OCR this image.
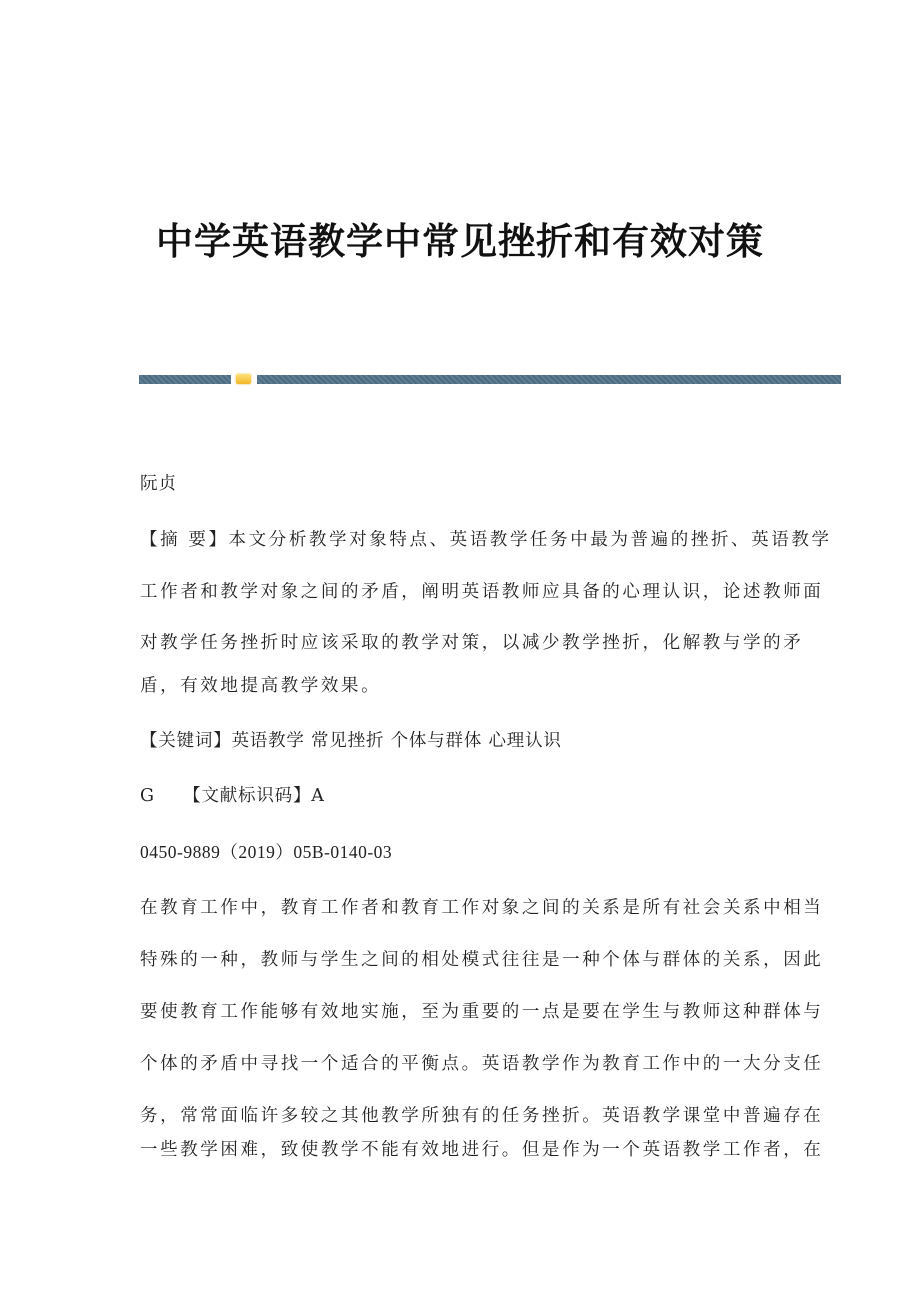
中学英语教学中常见挫折和有效对策
阮贞
【摘 要】本文分析教学对象特点、英语教学任务中最为普遍的挫折、英语教学
工作者和教学对象之间的矛盾，阐明英语教师应具备的心理认识，论述教师面
对教学任务挫折时应该采取的教学对策，以减少教学挫折，化解教与学的矛
盾，有效地提高教学效果。
【关键词】英语教学 常见挫折 个体与群体 心理认识
G 【文献标识码】A
0450-9889（2019）05B-0140-03
在教育工作中，教育工作者和教育工作对象之间的关系是所有社会关系中相当
特殊的一种，教师与学生之间的相处模式往往是一种个体与群体的关系，因此
要使教育工作能够有效地实施，至为重要的一点是要在学生与教师这种群体与
个体的矛盾中寻找一个适合的平衡点。英语教学作为教育工作中的一大分支任
务，常常面临许多较之其他教学所独有的任务挫折。英语教学课堂中普遍存在
一些教学困难，致使教学不能有效地进行。但是作为一个英语教学工作者，在
